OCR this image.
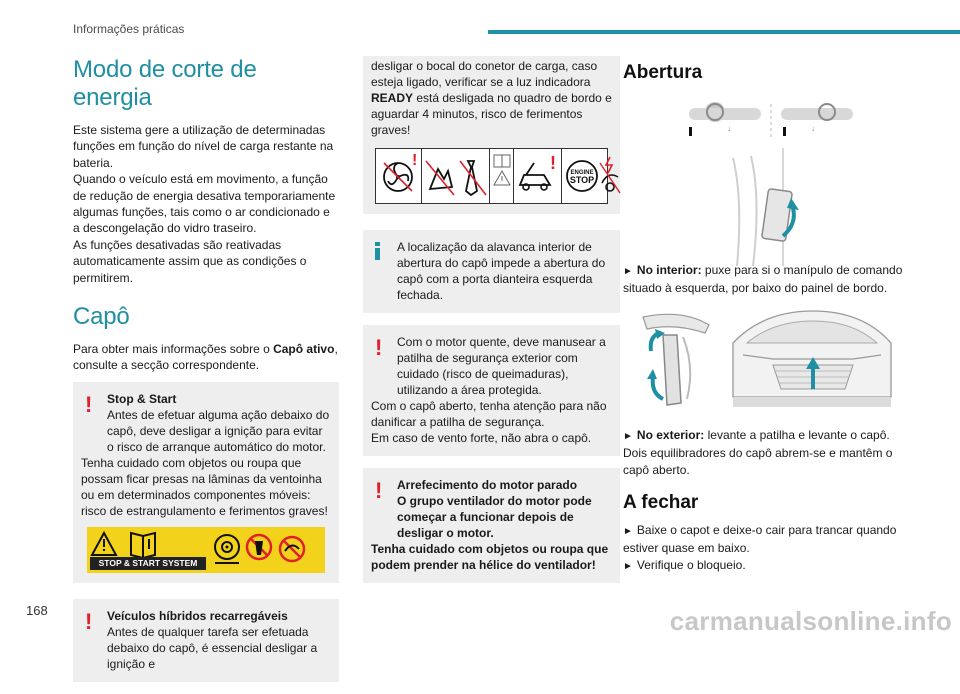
Informações práticas
Modo de corte de energia

Este sistema gere a utilização de determinadas funções em função do nível de carga restante na bateria.

Quando o veículo está em movimento, a função de redução de energia desativa temporariamente algumas funções, tais como o ar condicionado e a descongelação do vidro traseiro.

As funções desativadas são reativadas automaticamente assim que as condições o permitirem.

Capô

Para obter mais informações sobre o Capô ativo, consulte a secção correspondente.

!	Stop & Start

Antes de efetuar alguma ação debaixo do capô, deve desligar a ignição para evitar o risco de arranque automático do motor.

Tenha cuidado com objetos ou roupa que possam ficar presas na lâminas da ventoinha ou em determinados componentes móveis: risco de estrangulamento e ferimentos graves!

STOP & START SYSTEM
!	Veículos híbridos recarregáveis

Antes de qualquer tarefa ser efetuada debaixo do capô, é essencial desligar a ignição e

desligar o bocal do conetor de carga, caso esteja ligado, verificar se a luz indicadora READY está desligada no quadro de bordo e aguardar 4 minutos, risco de ferimentos graves!

!	! ENGINE
STOP

A localização da alavanca interior de abertura do capô impede a abertura do capô com a porta dianteira esquerda fechada.

!	Com o motor quente, deve manusear a patilha de segurança exterior com cuidado (risco de queimaduras), utilizando a área protegida.

Com o capô aberto, tenha atenção para não danificar a patilha de segurança.

Em caso de vento forte, não abra o capô.

!	Arrefecimento do motor parado

O grupo ventilador do motor pode começar a funcionar depois de desligar o motor.

Tenha cuidado com objetos ou roupa que podem prender na hélice do ventilador!

Abertura
↓	↓

► No interior: puxe para si o manípulo de comando situado à esquerda, por baixo do painel de bordo.

► No exterior: levante a patilha e levante o capô. Dois equilibradores do capô abrem-se e mantêm o capô aberto.

A fechar

► Baixe o capot e deixe-o cair para trancar quando estiver quase em baixo.

► Verifique o bloqueio.

168	carmanualsonline.info
